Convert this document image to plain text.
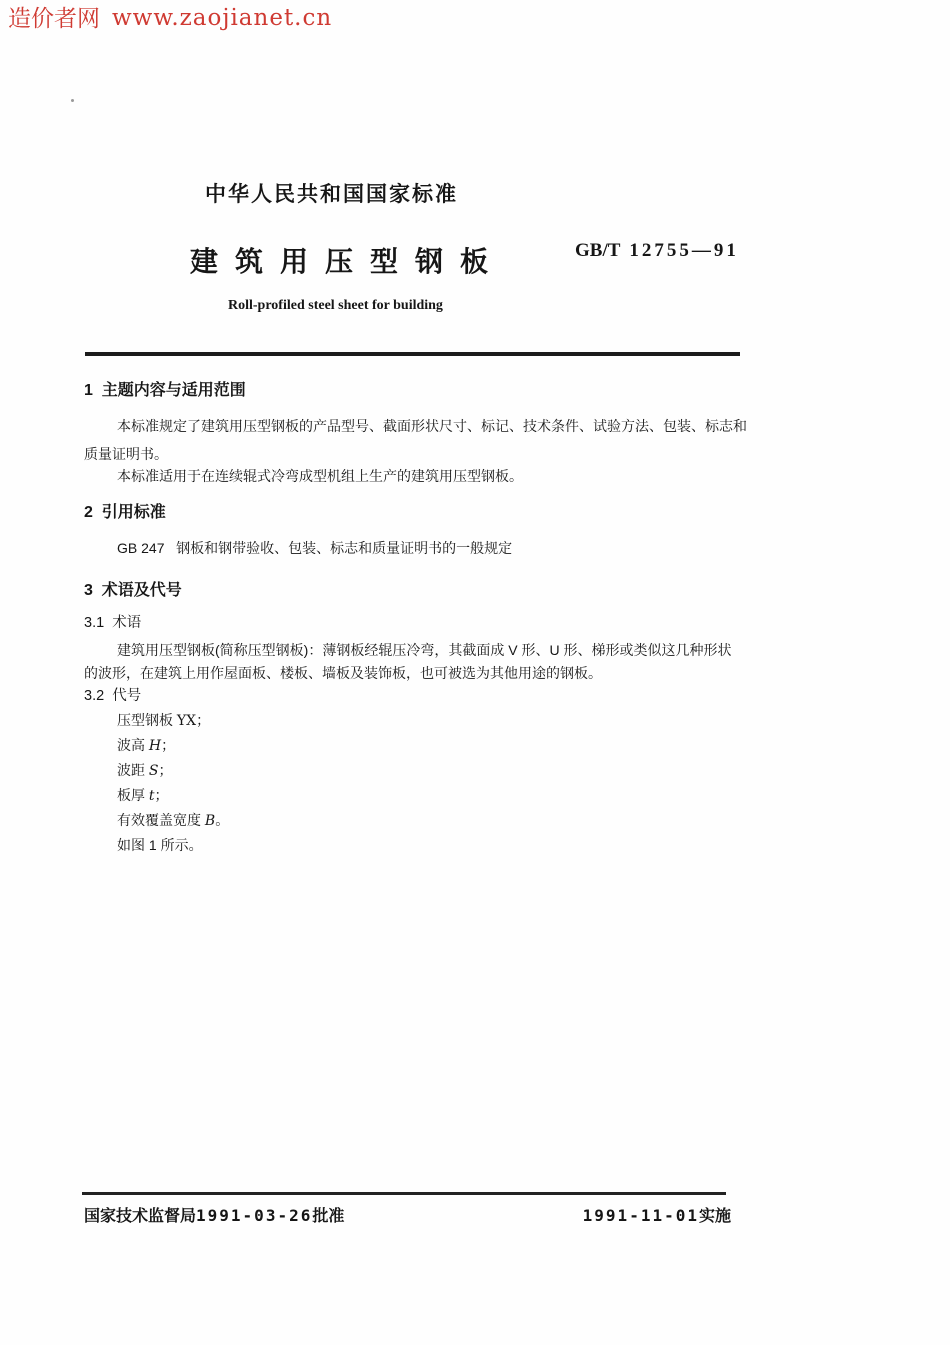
造价者网 www.zaojianet.cn
中华人民共和国国家标准
建筑用压型钢板	GB/T 12755—91
Roll-profiled steel sheet for building
1  主题内容与适用范围
本标准规定了建筑用压型钢板的产品型号、截面形状尺寸、标记、技术条件、试验方法、包装、标志和
质量证明书。
本标准适用于在连续辊式冷弯成型机组上生产的建筑用压型钢板。
2  引用标准
GB 247   钢板和钢带验收、包装、标志和质量证明书的一般规定
3  术语及代号
3.1  术语
建筑用压型钢板(简称压型钢板)：薄钢板经辊压冷弯，其截面成 V 形、U 形、梯形或类似这几种形状
的波形，在建筑上用作屋面板、楼板、墙板及装饰板，也可被选为其他用途的钢板。
3.2  代号
压型钢板 YX；
波高 H；
波距 S；
板厚 t；
有效覆盖宽度 B。
如图 1 所示。
国家技术监督局1991-03-26批准	1991-11-01实施
